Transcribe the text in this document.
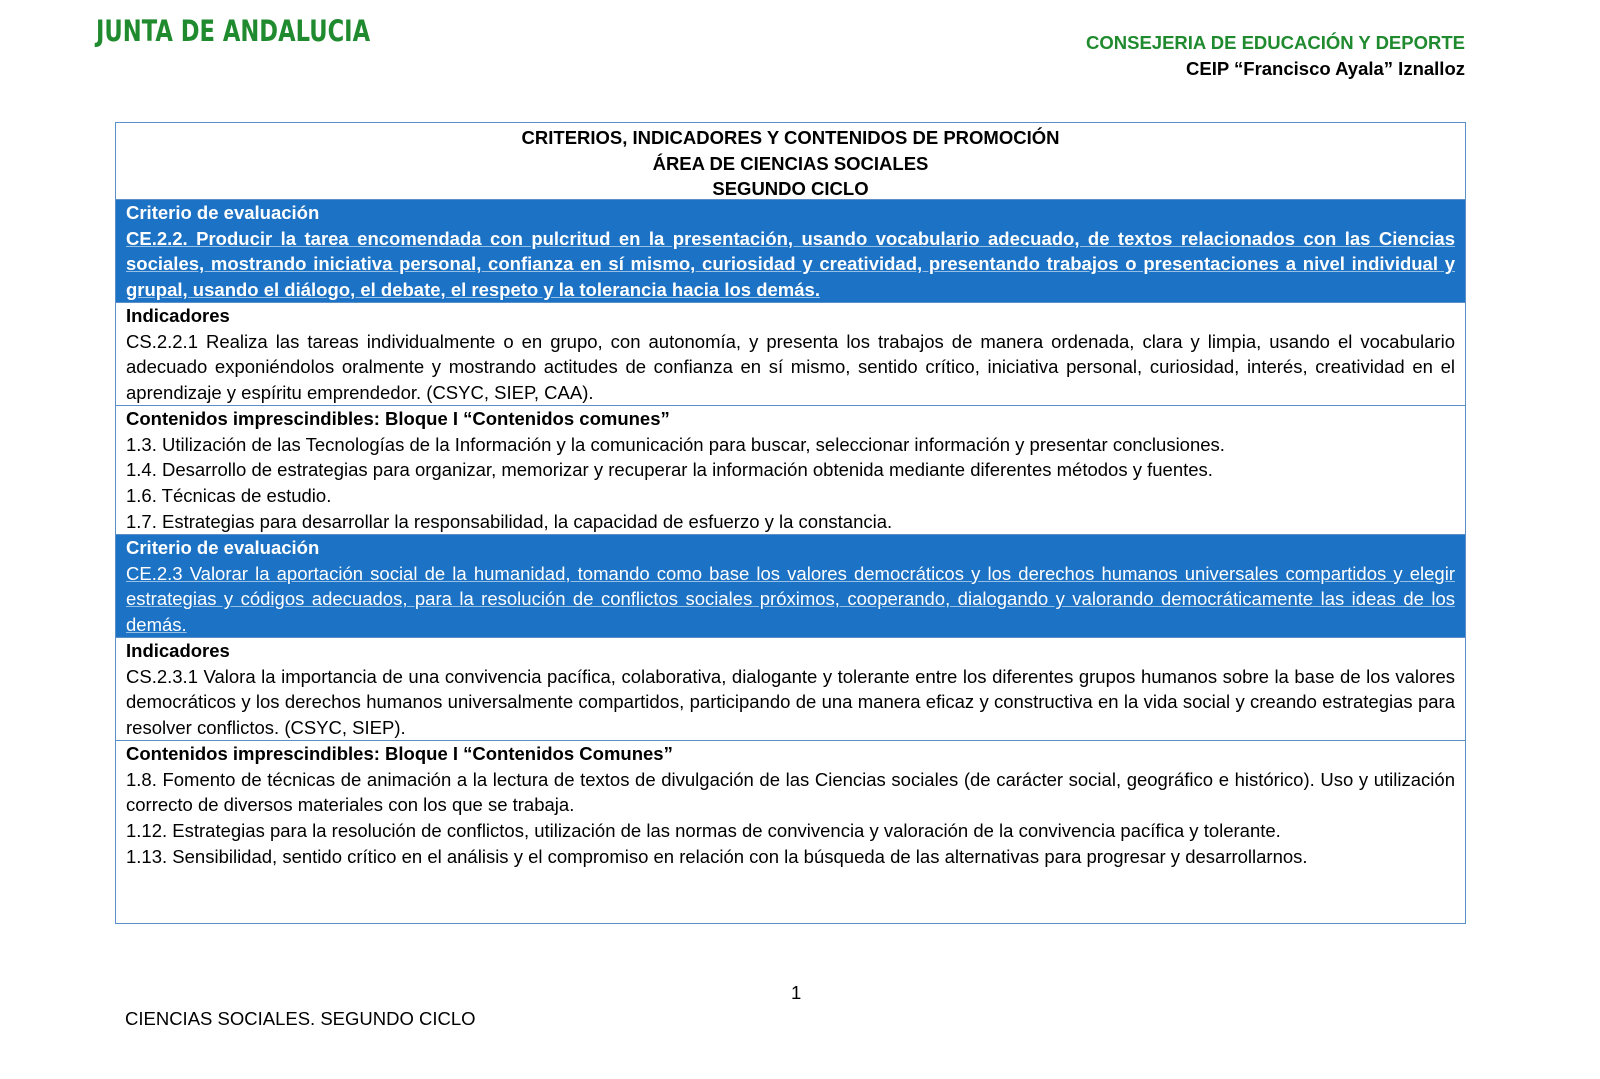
JUNTA DE ANDALUCIA	CONSEJERIA DE EDUCACIÓN Y DEPORTE
CEIP “Francisco Ayala” Iznalloz
CRITERIOS, INDICADORES Y CONTENIDOS DE PROMOCIÓN
ÁREA DE CIENCIAS SOCIALES
SEGUNDO CICLO
Criterio de evaluación
CE.2.2. Producir la tarea encomendada con pulcritud en la presentación, usando vocabulario adecuado, de textos relacionados con las Ciencias sociales, mostrando iniciativa personal, confianza en sí mismo, curiosidad y creatividad, presentando trabajos o presentaciones a nivel individual y grupal, usando el diálogo, el debate, el respeto y la tolerancia hacia los demás.
Indicadores
CS.2.2.1 Realiza las tareas individualmente o en grupo, con autonomía, y presenta los trabajos de manera ordenada, clara y limpia, usando el vocabulario adecuado exponiéndolos oralmente y mostrando actitudes de confianza en sí mismo, sentido crítico, iniciativa personal, curiosidad, interés, creatividad en el aprendizaje y espíritu emprendedor. (CSYC, SIEP, CAA).
Contenidos imprescindibles: Bloque I “Contenidos comunes”
1.3. Utilización de las Tecnologías de la Información y la comunicación para buscar, seleccionar información y presentar conclusiones.
1.4. Desarrollo de estrategias para organizar, memorizar y recuperar la información obtenida mediante diferentes métodos y fuentes.
1.6. Técnicas de estudio.
1.7. Estrategias para desarrollar la responsabilidad, la capacidad de esfuerzo y la constancia.
Criterio de evaluación
CE.2.3 Valorar la aportación social de la humanidad, tomando como base los valores democráticos y los derechos humanos universales compartidos y elegir estrategias y códigos adecuados, para la resolución de conflictos sociales próximos, cooperando, dialogando y valorando democráticamente las ideas de los demás.
Indicadores
CS.2.3.1 Valora la importancia de una convivencia pacífica, colaborativa, dialogante y tolerante entre los diferentes grupos humanos sobre la base de los valores democráticos y los derechos humanos universalmente compartidos, participando de una manera eficaz y constructiva en la vida social y creando estrategias para resolver conflictos. (CSYC, SIEP).
Contenidos imprescindibles: Bloque I “Contenidos Comunes”
1.8. Fomento de técnicas de animación a la lectura de textos de divulgación de las Ciencias sociales (de carácter social, geográfico e histórico). Uso y utilización correcto de diversos materiales con los que se trabaja.
1.12. Estrategias para la resolución de conflictos, utilización de las normas de convivencia y valoración de la convivencia pacífica y tolerante.
1.13. Sensibilidad, sentido crítico en el análisis y el compromiso en relación con la búsqueda de las alternativas para progresar y desarrollarnos.
1
CIENCIAS SOCIALES. SEGUNDO CICLO
